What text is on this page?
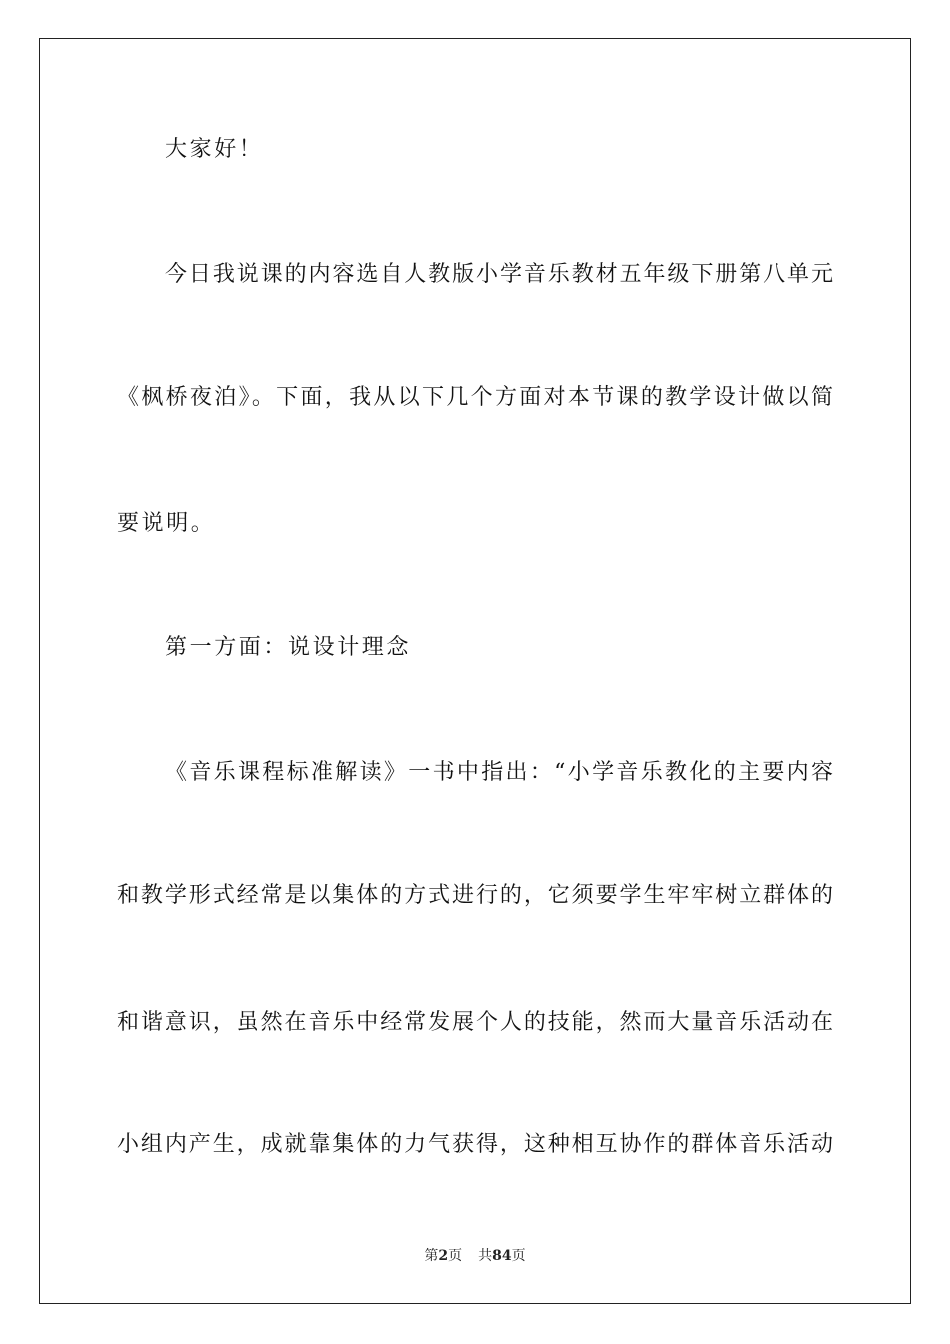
大家好！
今日我说课的内容选自人教版小学音乐教材五年级下册第八单元
《枫桥夜泊》。下面，我从以下几个方面对本节课的教学设计做以简
要说明。
第一方面：说设计理念
《音乐课程标准解读》一书中指出：“小学音乐教化的主要内容
和教学形式经常是以集体的方式进行的，它须要学生牢牢树立群体的
和谐意识，虽然在音乐中经常发展个人的技能，然而大量音乐活动在
小组内产生，成就靠集体的力气获得，这种相互协作的群体音乐活动
第2页 共84页
